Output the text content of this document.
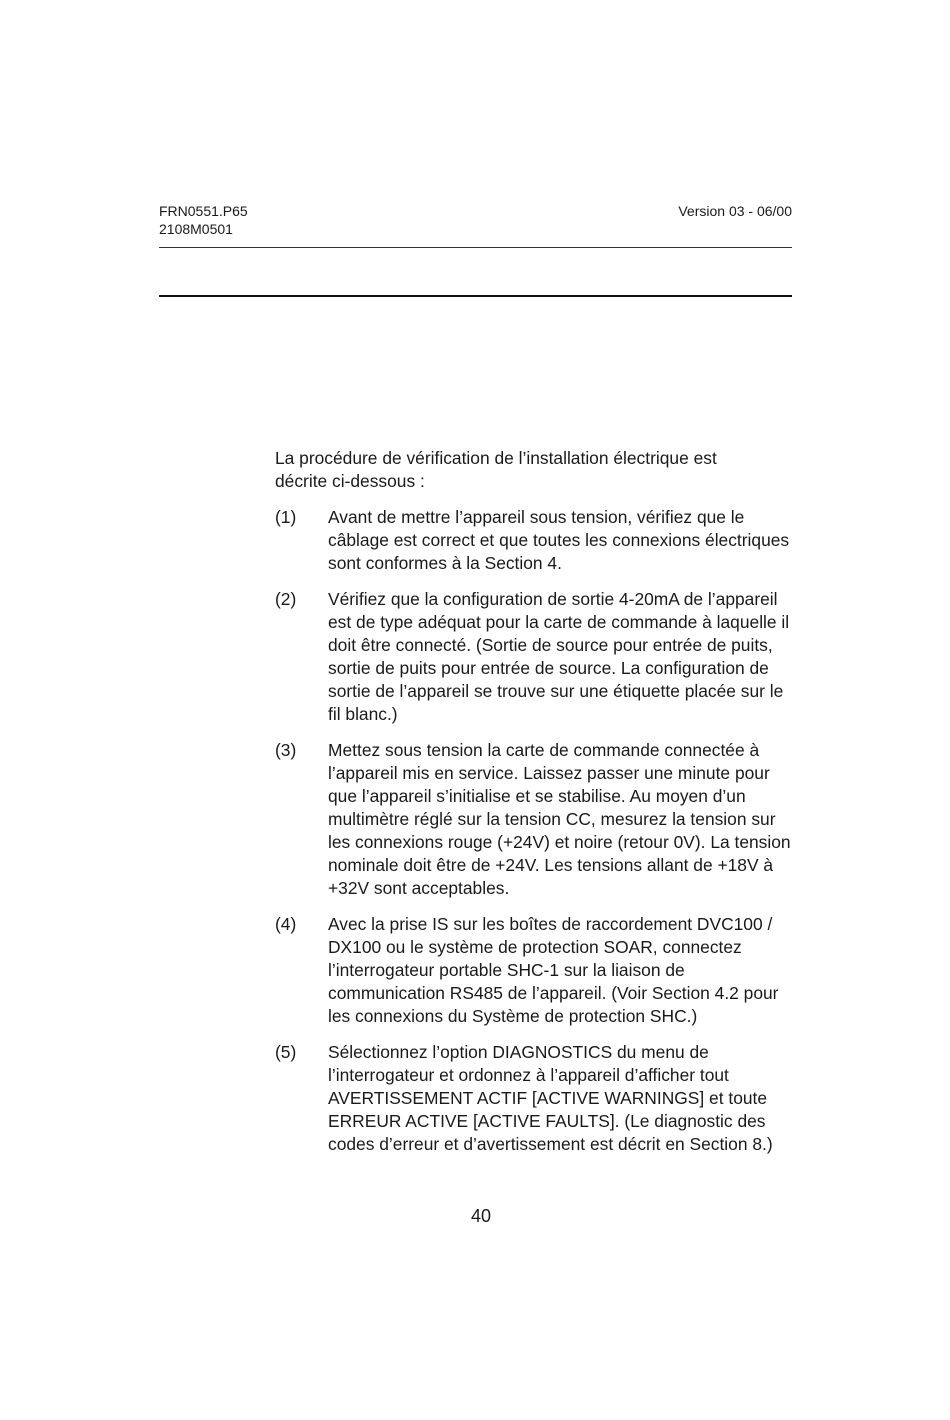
FRN0551.P65
2108M0501
Version 03 - 06/00

La procédure de vérification de l’installation électrique est décrite ci-dessous :

(1)	Avant de mettre l’appareil sous tension, vérifiez que le câblage est correct et que toutes les connexions électriques sont conformes à la Section 4.
(2)	Vérifiez que la configuration de sortie 4-20mA de l’appareil est de type adéquat pour la carte de commande à laquelle il doit être connecté. (Sortie de source pour entrée de puits, sortie de puits pour entrée de source. La configuration de sortie de l’appareil se trouve sur une étiquette placée sur le fil blanc.)
(3)	Mettez sous tension la carte de commande connectée à l’appareil mis en service. Laissez passer une minute pour que l’appareil s’initialise et se stabilise. Au moyen d’un multimètre réglé sur la tension CC, mesurez la tension sur les connexions rouge (+24V) et noire (retour 0V). La tension nominale doit être de +24V. Les tensions allant de +18V à +32V sont acceptables.
(4)	Avec la prise IS sur les boîtes de raccordement DVC100 / DX100 ou le système de protection SOAR, connectez l’interrogateur portable SHC-1 sur la liaison de communication RS485 de l’appareil. (Voir Section 4.2 pour les connexions du Système de protection SHC.)
(5)	Sélectionnez l’option DIAGNOSTICS du menu de l’interrogateur et ordonnez à l’appareil d’afficher tout AVERTISSEMENT ACTIF [ACTIVE WARNINGS] et toute ERREUR ACTIVE [ACTIVE FAULTS]. (Le diagnostic des codes d’erreur et d’avertissement est décrit en Section 8.)
40
